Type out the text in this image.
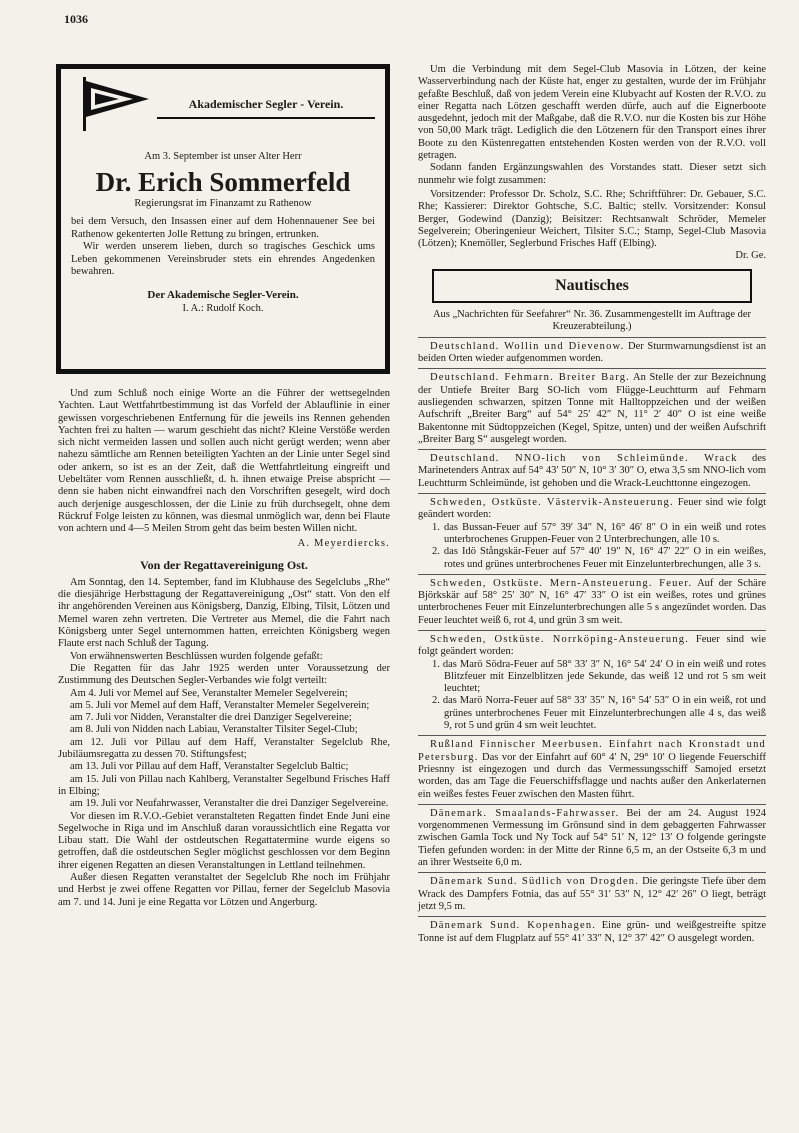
1036
Akademischer Segler - Verein.
Am 3. September ist unser Alter Herr
Dr. Erich Sommerfeld
Regierungsrat im Finanzamt zu Rathenow

bei dem Versuch, den Insassen einer auf dem Hohennauener See bei Rathenow gekenterten Jolle Rettung zu bringen, ertrunken.

Wir werden unserem lieben, durch so tragisches Geschick ums Leben gekommenen Vereinsbruder stets ein ehrendes Angedenken bewahren.

Der Akademische Segler-Verein.
I. A.: Rudolf Koch.

Und zum Schluß noch einige Worte an die Führer der wettsegelnden Yachten. Laut Wettfahrtbestimmung ist das Vorfeld der Ablauflinie in einer gewissen vorgeschriebenen Entfernung für die jeweils ins Rennen gehenden Yachten frei zu halten — warum geschieht das nicht? Kleine Verstöße werden sich nicht vermeiden lassen und sollen auch nicht gerügt werden; wenn aber nahezu sämtliche am Rennen beteiligten Yachten an der Linie unter Segel sind oder ankern, so ist es an der Zeit, daß die Wettfahrtleitung eingreift und Uebeltäter vom Rennen ausschließt, d. h. ihnen etwaige Preise abspricht — denn sie haben nicht einwandfrei nach den Vorschriften gesegelt, wird doch auch derjenige ausgeschlossen, der die Linie zu früh durchsegelt, ohne dem Rückruf Folge leisten zu können, was diesmal unmöglich war, denn bei Flaute von achtern und 4—5 Meilen Strom geht das beim besten Willen nicht.

A. Meyerdiercks.

Von der Regattavereinigung Ost.

Am Sonntag, den 14. September, fand im Klubhause des Segelclubs „Rhe“ die diesjährige Herbsttagung der Regattavereinigung „Ost“ statt. Von den elf ihr angehörenden Vereinen aus Königsberg, Danzig, Elbing, Tilsit, Lötzen und Memel waren zehn vertreten. Die Vertreter aus Memel, die die Fahrt nach Königsberg unter Segel unternommen hatten, erreichten Königsberg wegen Flaute erst nach Schluß der Tagung.

Von erwähnenswerten Beschlüssen wurden folgende gefaßt:

Die Regatten für das Jahr 1925 werden unter Voraussetzung der Zustimmung des Deutschen Segler-Verbandes wie folgt verteilt:

Am 4. Juli vor Memel auf See, Veranstalter Memeler Segelverein;

am 5. Juli vor Memel auf dem Haff, Veranstalter Memeler Segelverein;

am 7. Juli vor Nidden, Veranstalter die drei Danziger Segelvereine;

am 8. Juli von Nidden nach Labiau, Veranstalter Tilsiter Segel-Club;

am 12. Juli vor Pillau auf dem Haff, Veranstalter Segelclub Rhe, Jubiläumsregatta zu dessen 70. Stiftungsfest;

am 13. Juli vor Pillau auf dem Haff, Veranstalter Segelclub Baltic;

am 15. Juli von Pillau nach Kahlberg, Veranstalter Segelbund Frisches Haff in Elbing;

am 19. Juli vor Neufahrwasser, Veranstalter die drei Danziger Segelvereine.

Vor diesen im R.V.O.-Gebiet veranstalteten Regatten findet Ende Juni eine Segelwoche in Riga und im Anschluß daran voraussichtlich eine Regatta vor Libau statt. Die Wahl der ostdeutschen Regattatermine wurde eigens so getroffen, daß die ostdeutschen Segler möglichst geschlossen vor dem Beginn ihrer eigenen Regatten an diesen Veranstaltungen in Lettland teilnehmen.

Außer diesen Regatten veranstaltet der Segelclub Rhe noch im Frühjahr und Herbst je zwei offene Regatten vor Pillau, ferner der Segelclub Masovia am 7. und 14. Juni je eine Regatta vor Lötzen und Angerburg.

Um die Verbindung mit dem Segel-Club Masovia in Lötzen, der keine Wasserverbindung nach der Küste hat, enger zu gestalten, wurde der im Frühjahr gefaßte Beschluß, daß von jedem Verein eine Klubyacht auf Kosten der R.V.O. zu einer Regatta nach Lötzen geschafft werden dürfe, auch auf die Eignerboote ausgedehnt, jedoch mit der Maßgabe, daß die R.V.O. nur die Kosten bis zur Höhe von 50,00 Mark trägt. Lediglich die den Lötzenern für den Transport eines ihrer Boote zu den Küstenregatten entstehenden Kosten werden von der R.V.O. voll getragen.

Sodann fanden Ergänzungswahlen des Vorstandes statt. Dieser setzt sich nunmehr wie folgt zusammen:

Vorsitzender: Professor Dr. Scholz, S.C. Rhe; Schriftführer: Dr. Gebauer, S.C. Rhe; Kassierer: Direktor Gohtsche, S.C. Baltic; stellv. Vorsitzender: Konsul Berger, Godewind (Danzig); Beisitzer: Rechtsanwalt Schröder, Memeler Segelverein; Oberingenieur Weichert, Tilsiter S.C.; Stamp, Segel-Club Masovia (Lötzen); Knemöller, Seglerbund Frisches Haff (Elbing).

Dr. Ge.

Nautisches
Aus „Nachrichten für Seefahrer“ Nr. 36. Zusammengestellt im Auftrage der Kreuzerabteilung.)

Deutschland. Wollin und Dievenow. Der Sturmwarnungsdienst ist an beiden Orten wieder aufgenommen worden.

Deutschland. Fehmarn. Breiter Barg. An Stelle der zur Bezeichnung der Untiefe Breiter Barg SO-lich vom Flügge-Leuchtturm auf Fehmarn ausliegenden schwarzen, spitzen Tonne mit Halltoppzeichen und der weißen Aufschrift „Breiter Barg“ auf 54° 25′ 42″ N, 11° 2′ 40″ O ist eine weiße Bakentonne mit Südtoppzeichen (Kegel, Spitze, unten) und der weißen Aufschrift „Breiter Barg S“ ausgelegt worden.

Deutschland. NNO-lich von Schleimünde. Wrack des Marinetenders Antrax auf 54° 43′ 50″ N, 10° 3′ 30″ O, etwa 3,5 sm NNO-lich vom Leuchtturm Schleimünde, ist gehoben und die Wrack-Leuchttonne eingezogen.

Schweden, Ostküste. Västervik-Ansteuerung. Feuer sind wie folgt geändert worden:

1. das Bussan-Feuer auf 57° 39′ 34″ N, 16° 46′ 8″ O in ein weiß und rotes unterbrochenes Gruppen-Feuer von 2 Unterbrechungen, alle 10 s.

2. das Idö Stångskär-Feuer auf 57° 40′ 19″ N, 16° 47′ 22″ O in ein weißes, rotes und grünes unterbrochenes Feuer mit Einzelunterbrechungen, alle 3 s.

Schweden, Ostküste. Mern-Ansteuerung. Feuer. Auf der Schäre Björkskär auf 58° 25′ 30″ N, 16° 47′ 33″ O ist ein weißes, rotes und grünes unterbrochenes Feuer mit Einzelunterbrechungen alle 5 s angezündet worden. Das Feuer leuchtet weiß 6, rot 4, und grün 3 sm weit.

Schweden, Ostküste. Norrköping-Ansteuerung. Feuer sind wie folgt geändert worden:

1. das Marö Södra-Feuer auf 58° 33′ 3″ N, 16° 54′ 24′ O in ein weiß und rotes Blitzfeuer mit Einzelblitzen jede Sekunde, das weiß 12 und rot 5 sm weit leuchtet;

2. das Marö Norra-Feuer auf 58° 33′ 35″ N, 16° 54′ 53″ O in ein weiß, rot und grünes unterbrochenes Feuer mit Einzelunterbrechungen alle 4 s, das weiß 9, rot 5 und grün 4 sm weit leuchtet.

Rußland Finnischer Meerbusen. Einfahrt nach Kronstadt und Petersburg. Das vor der Einfahrt auf 60° 4′ N, 29° 10′ O liegende Feuerschiff Priesnny ist eingezogen und durch das Vermessungsschiff Samojed ersetzt worden, das am Tage die Feuerschiffsflagge und nachts außer den Ankerlaternen ein weißes festes Feuer zwischen den Masten führt.

Dänemark. Smaalands-Fahrwasser. Bei der am 24. August 1924 vorgenommenen Vermessung im Grönsund sind in dem gebaggerten Fahrwasser zwischen Gamla Tock und Ny Tock auf 54° 51′ N, 12° 13′ O folgende geringste Tiefen gefunden worden: in der Mitte der Rinne 6,5 m, an der Ostseite 6,3 m und an ihrer Westseite 6,0 m.

Dänemark Sund. Südlich von Drogden. Die geringste Tiefe über dem Wrack des Dampfers Fotnia, das auf 55° 31′ 53″ N, 12° 42′ 26″ O liegt, beträgt jetzt 9,5 m.

Dänemark Sund. Kopenhagen. Eine grün- und weißgestreifte spitze Tonne ist auf dem Flugplatz auf 55° 41′ 33″ N, 12° 37′ 42″ O ausgelegt worden.
